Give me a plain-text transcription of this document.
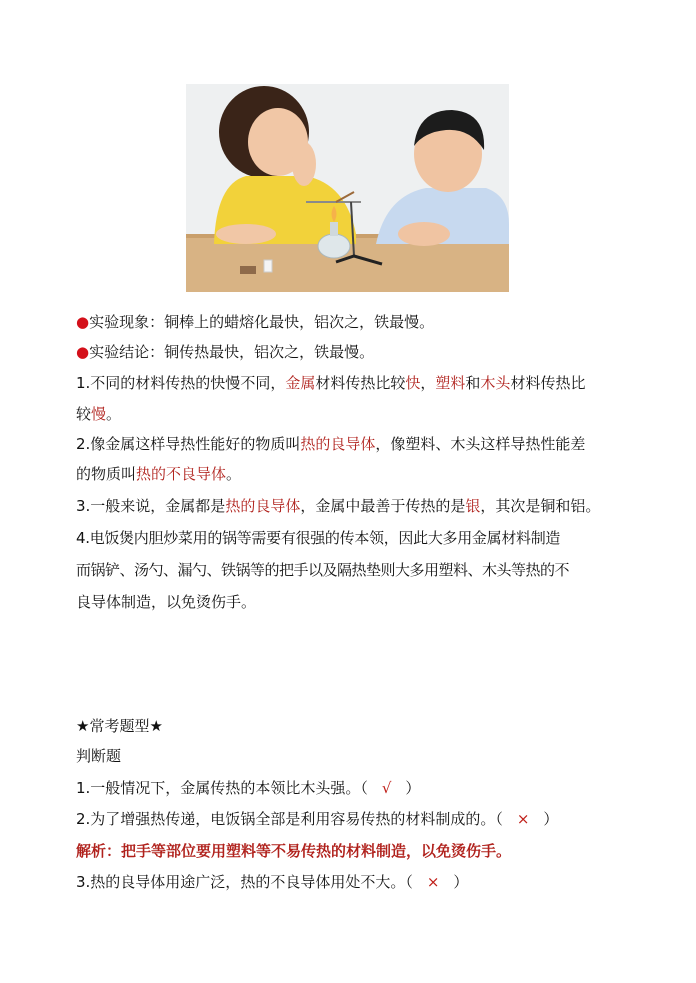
●实验现象：铜棒上的蜡熔化最快，铝次之，铁最慢。
●实验结论：铜传热最快，铝次之，铁最慢。
1.不同的材料传热的快慢不同，金属材料传热比较快，塑料和木头材料传热比
较慢。
2.像金属这样导热性能好的物质叫热的良导体，像塑料、木头这样导热性能差
的物质叫热的不良导体。
3.一般来说，金属都是热的良导体，金属中最善于传热的是银，其次是铜和铝。
4.电饭煲内胆炒菜用的锅等需要有很强的传本领，因此大多用金属材料制造
而锅铲、汤勺、漏勺、铁锅等的把手以及隔热垫则大多用塑料、木头等热的不
良导体制造，以免烫伤手。
★常考题型★
判断题
1.一般情况下，金属传热的本领比木头强。（ √ ）
2.为了增强热传递，电饭锅全部是利用容易传热的材料制成的。（ × ）
解析：把手等部位要用塑料等不易传热的材料制造，以免烫伤手。
3.热的良导体用途广泛，热的不良导体用处不大。（ × ）
